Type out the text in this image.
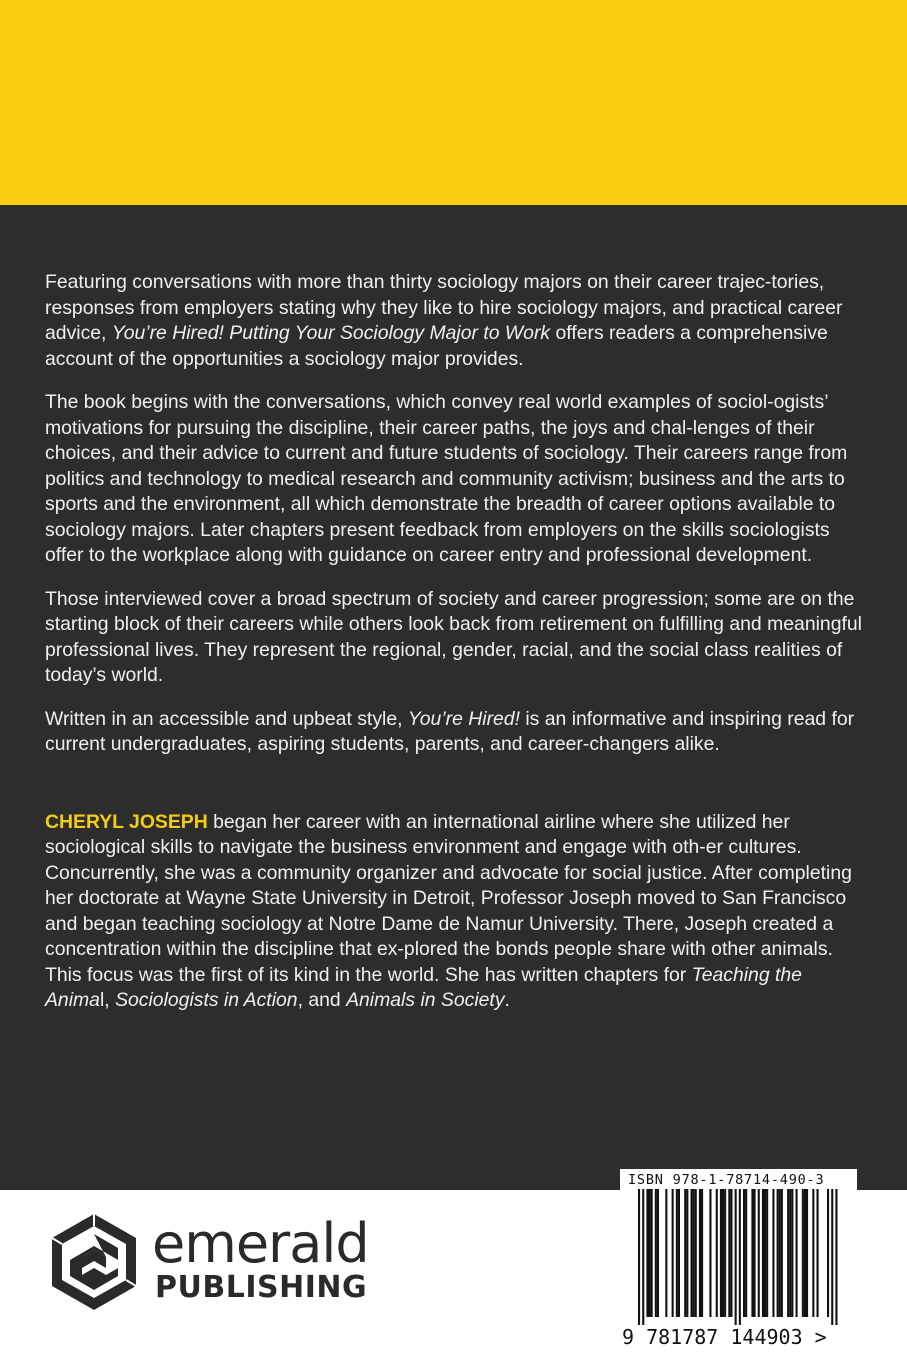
Featuring conversations with more than thirty sociology majors on their career trajec-tories, responses from employers stating why they like to hire sociology majors, and practical career advice, You’re Hired! Putting Your Sociology Major to Work offers readers a comprehensive account of the opportunities a sociology major provides.

The book begins with the conversations, which convey real world examples of sociol-ogists’ motivations for pursuing the discipline, their career paths, the joys and chal-lenges of their choices, and their advice to current and future students of sociology. Their careers range from politics and technology to medical research and community activism; business and the arts to sports and the environment, all which demonstrate the breadth of career options available to sociology majors. Later chapters present feedback from employers on the skills sociologists offer to the workplace along with guidance on career entry and professional development.

Those interviewed cover a broad spectrum of society and career progression; some are on the starting block of their careers while others look back from retirement on fulfilling and meaningful professional lives. They represent the regional, gender, racial, and the social class realities of today’s world.

Written in an accessible and upbeat style, You’re Hired! is an informative and inspiring read for current undergraduates, aspiring students, parents, and career-changers alike.

CHERYL JOSEPH began her career with an international airline where she utilized her sociological skills to navigate the business environment and engage with oth-er cultures. Concurrently, she was a community organizer and advocate for social justice. After completing her doctorate at Wayne State University in Detroit, Professor Joseph moved to San Francisco and began teaching sociology at Notre Dame de Namur University. There, Joseph created a concentration within the discipline that ex-plored the bonds people share with other animals. This focus was the first of its kind in the world. She has written chapters for Teaching the Animal, Sociologists in Action, and Animals in Society.

emerald
PUBLISHING
ISBN 978-1-78714-490-3
9 781787 144903 >
